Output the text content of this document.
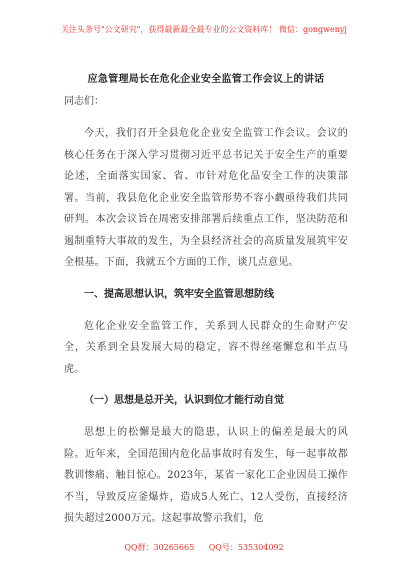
关注头条号"公文研究"，获得最新最全最专业的公文资料库！ 微信：gongwenyj
应急管理局长在危化企业安全监管工作会议上的讲话
同志们：

今天，我们召开全县危化企业安全监管工作会议。会议的核心任务在于深入学习贯彻习近平总书记关于安全生产的重要论述，全面落实国家、省、市针对危化品安全工作的决策部署。当前，我县危化企业安全监管形势不容小觑亟待我们共同研判。本次会议旨在周密安排部署后续重点工作，坚决防范和遏制重特大事故的发生，为全县经济社会的高质量发展筑牢安全根基。下面，我就五个方面的工作，谈几点意见。

一、提高思想认识，筑牢安全监管思想防线

危化企业安全监管工作，关系到人民群众的生命财产安全，关系到全县发展大局的稳定，容不得丝毫懈怠和半点马虎。

（一）思想是总开关，认识到位才能行动自觉

思想上的松懈是最大的隐患，认识上的偏差是最大的风险。近年来，全国范围内危化品事故时有发生，每一起事故都教训惨痛、触目惊心。2023年，某省一家化工企业因员工操作不当，导致反应釜爆炸，造成5人死亡、12人受伤，直接经济损失超过2000万元。这起事故警示我们，危

QQ群：30265665 QQ号：535304092
